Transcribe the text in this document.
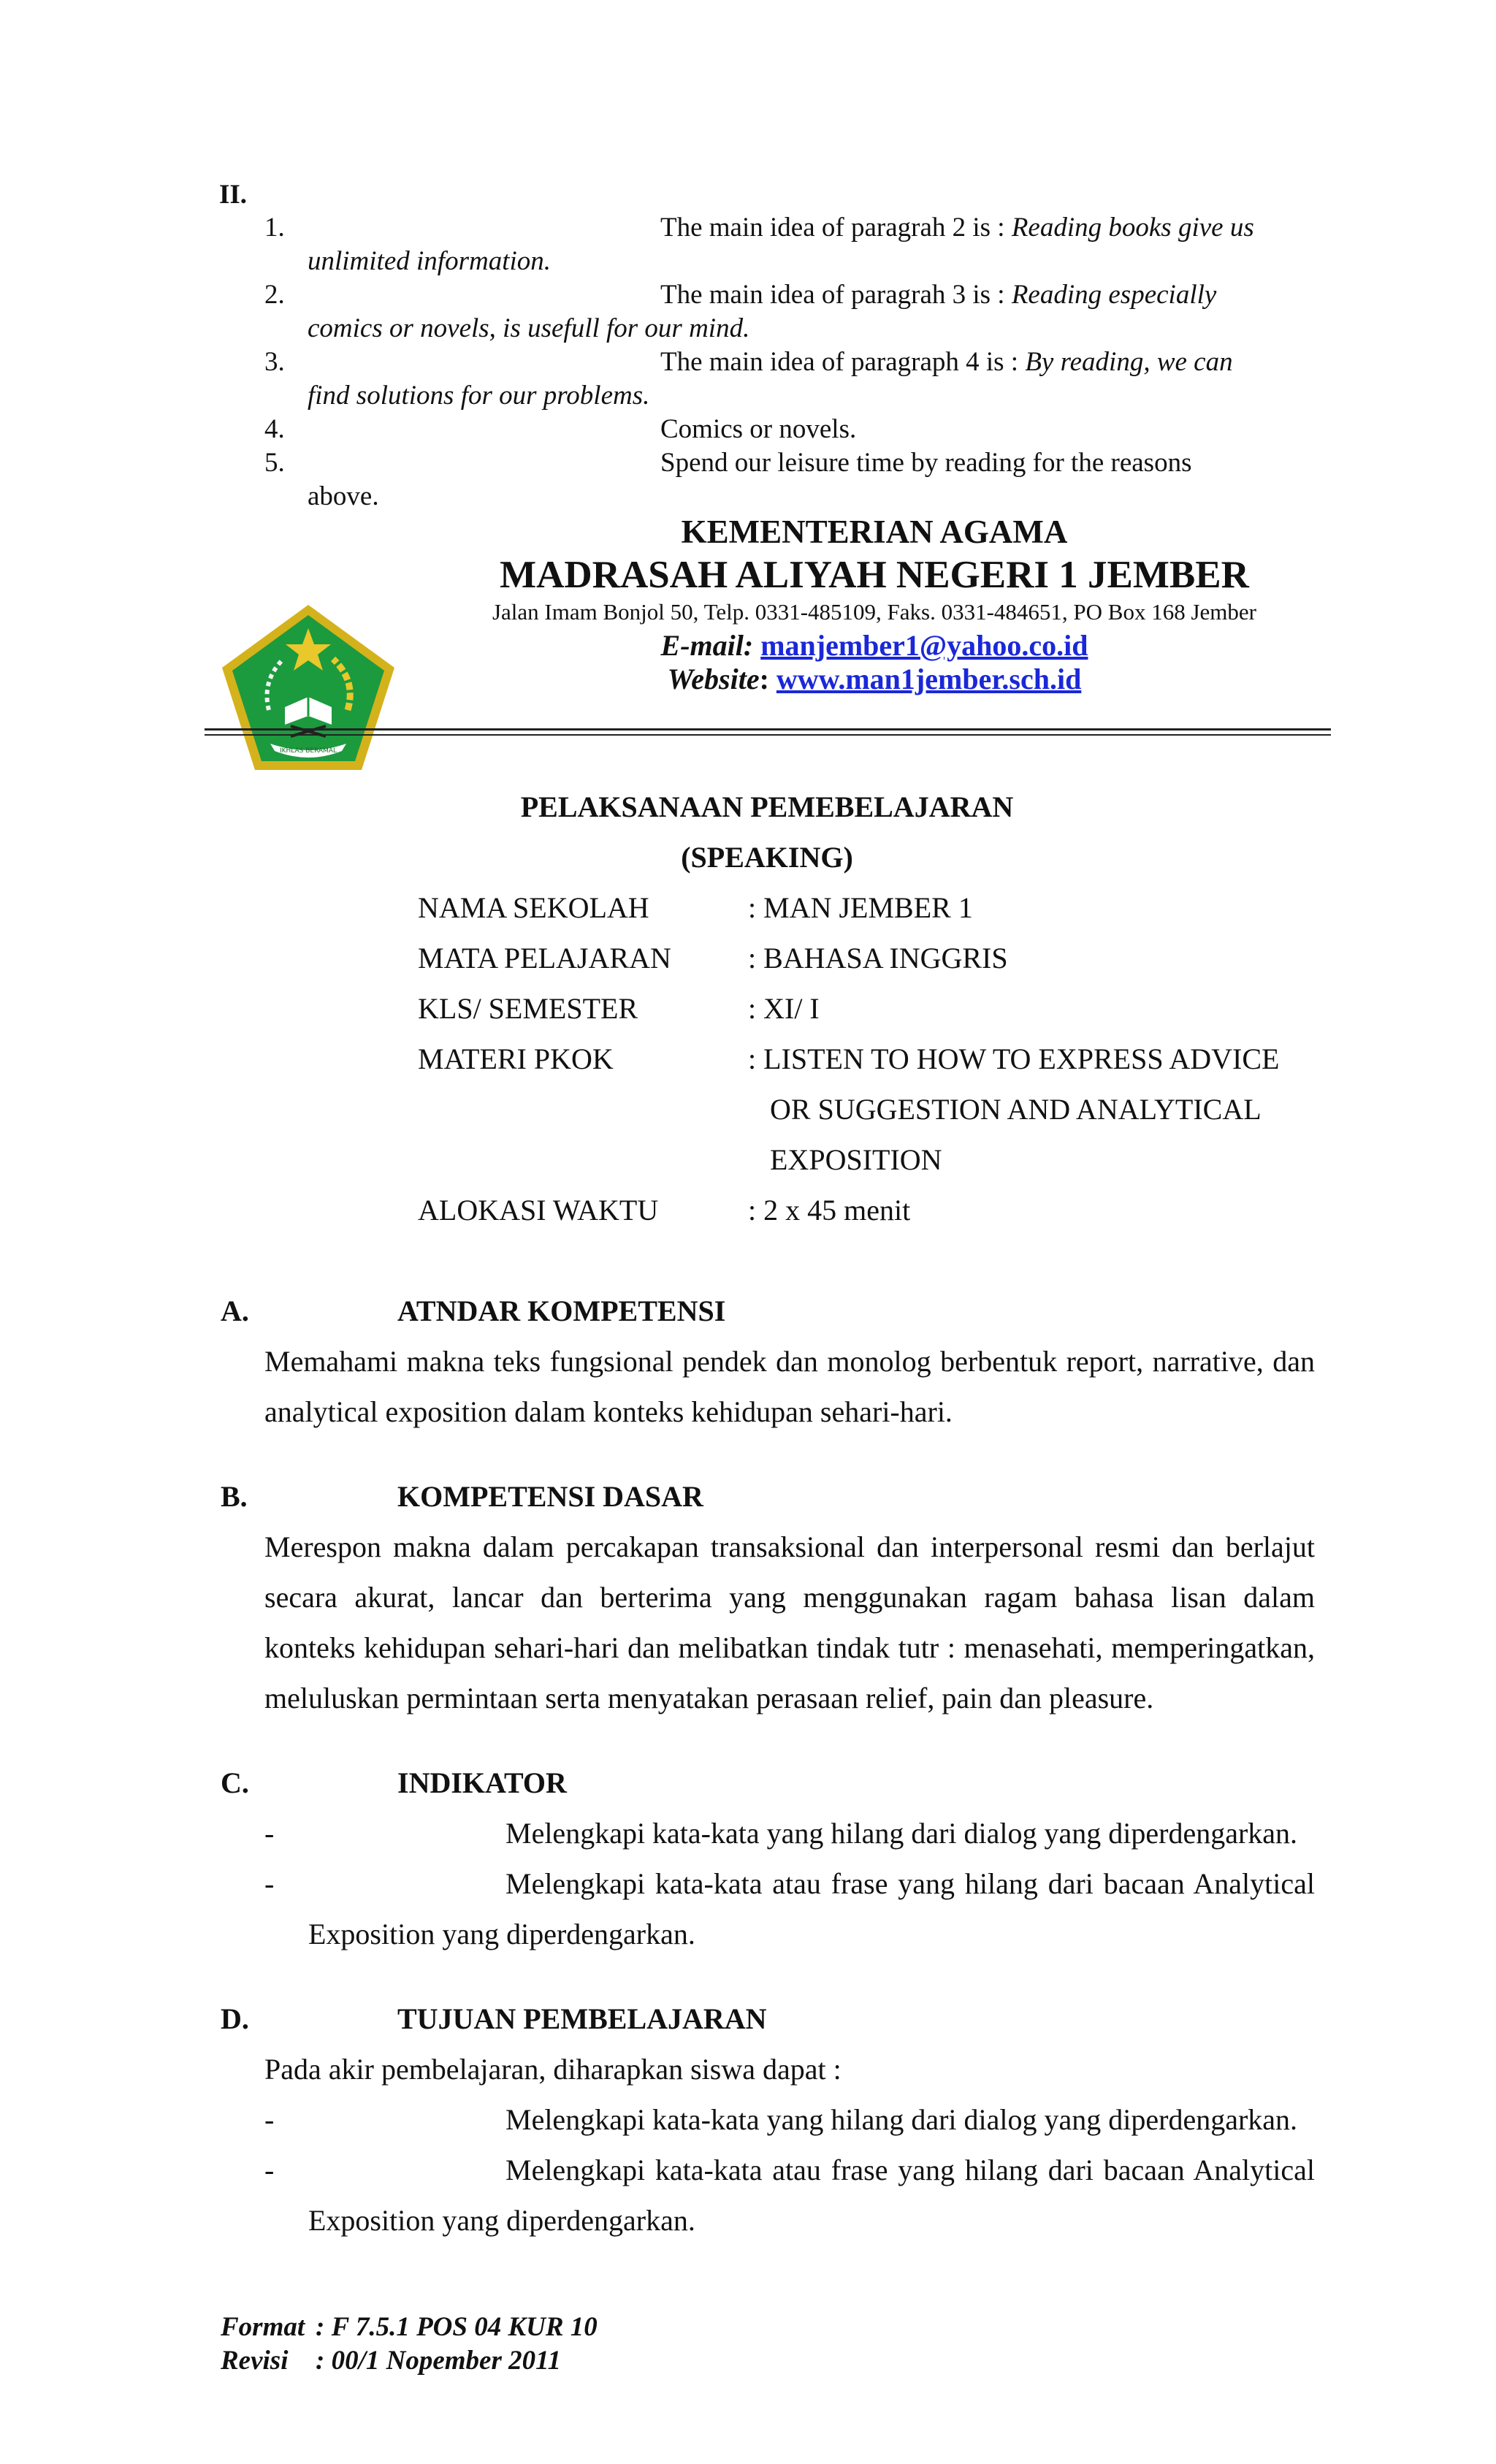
II.
1.	The main idea of paragrah 2 is : Reading books give us
unlimited information.
2.	The main idea of paragrah 3 is : Reading especially
comics or novels, is usefull for our mind.
3.	The main idea of paragraph 4 is : By reading, we can
find solutions for our problems.
4.	Comics or novels.
5.	Spend our leisure time by reading for the reasons
above.
IKHLAS BERAMAL
KEMENTERIAN AGAMA
MADRASAH ALIYAH NEGERI 1 JEMBER
Jalan Imam Bonjol 50, Telp. 0331-485109, Faks. 0331-484651, PO Box 168 Jember
E-mail: manjember1@yahoo.co.id
Website: www.man1jember.sch.id
PELAKSANAAN PEMEBELAJARAN
(SPEAKING)
NAMA SEKOLAH	: MAN JEMBER 1
MATA PELAJARAN	: BAHASA INGGRIS
KLS/ SEMESTER	: XI/ I
MATERI PKOK	: LISTEN TO HOW TO EXPRESS ADVICE
OR SUGGESTION AND ANALYTICAL
EXPOSITION
ALOKASI WAKTU	: 2 x 45 menit
A.	ATNDAR KOMPETENSI
Memahami makna teks fungsional pendek dan monolog berbentuk report, narrative, dan
analytical exposition dalam konteks kehidupan sehari-hari.
B.	KOMPETENSI DASAR
Merespon makna dalam percakapan transaksional dan interpersonal resmi dan berlajut
secara akurat, lancar dan berterima yang menggunakan ragam bahasa lisan dalam
konteks kehidupan sehari-hari dan melibatkan tindak tutr : menasehati, memperingatkan,
meluluskan permintaan serta menyatakan perasaan relief, pain dan pleasure.
C.	INDIKATOR
-	Melengkapi kata-kata yang hilang dari dialog yang diperdengarkan.
-	Melengkapi kata-kata atau frase yang hilang dari bacaan Analytical
Exposition yang diperdengarkan.
D.	TUJUAN PEMBELAJARAN
Pada akir pembelajaran, diharapkan siswa dapat :
-	Melengkapi kata-kata yang hilang dari dialog yang diperdengarkan.
-	Melengkapi kata-kata atau frase yang hilang dari bacaan Analytical
Exposition yang diperdengarkan.
Format : F 7.5.1 POS 04 KUR 10
Revisi : 00/1 Nopember 2011
